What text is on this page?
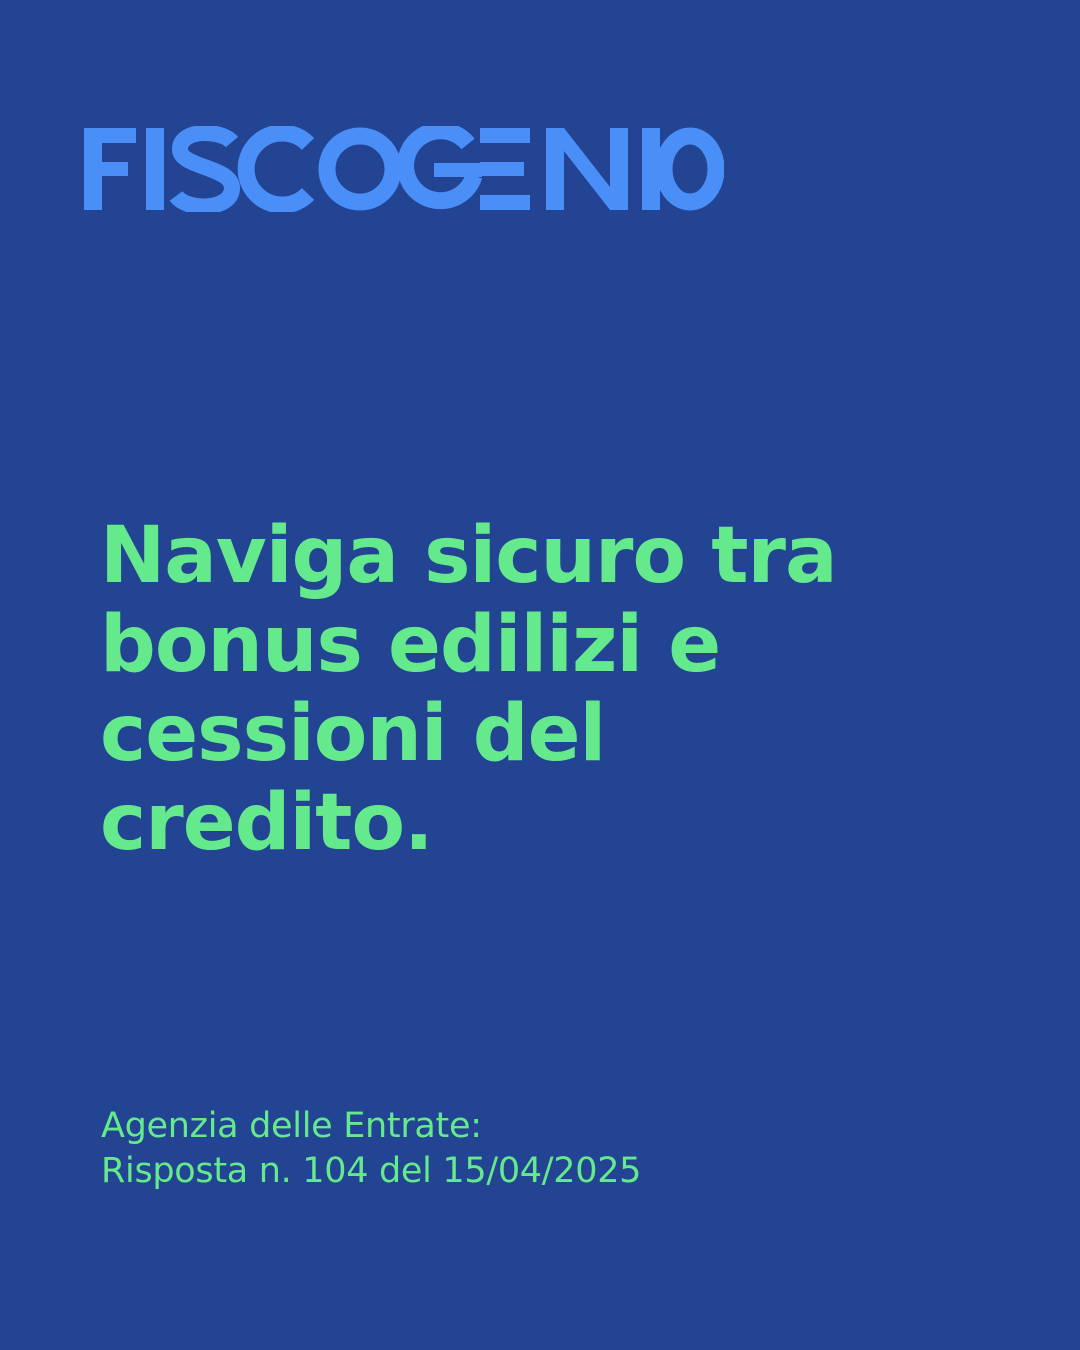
Naviga sicuro tra
bonus edilizi e
cessioni del
credito.
Agenzia delle Entrate:
Risposta n. 104 del 15/04/2025
